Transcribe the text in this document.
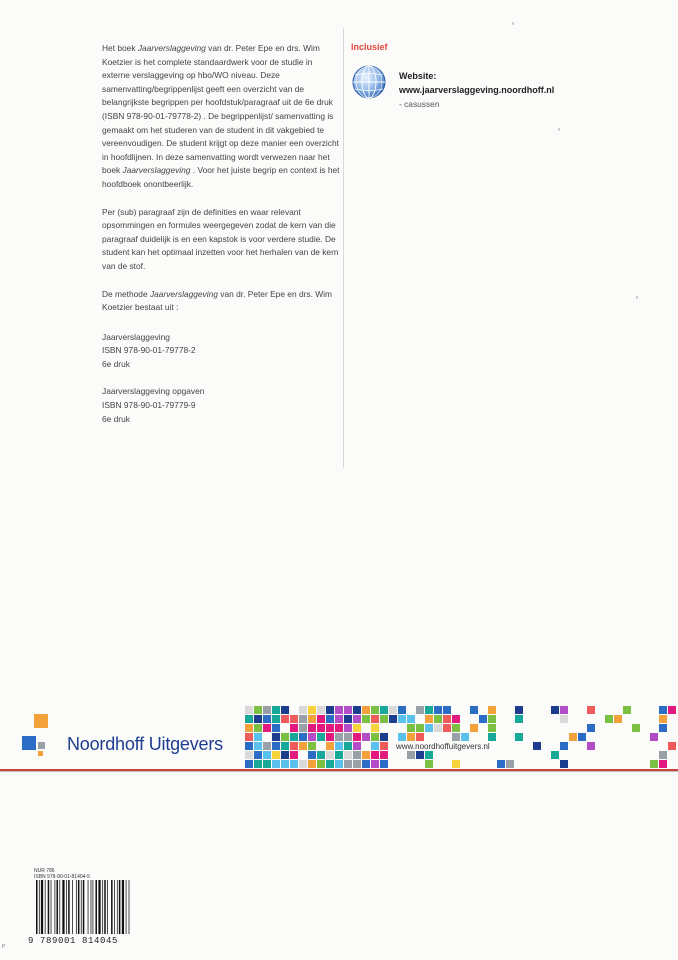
Het boek Jaarverslaggeving van dr. Peter Epe en drs. Wim Koetzier is het complete standaardwerk voor de studie in externe verslaggeving op hbo/WO niveau. Deze samenvatting/begrippenlijst geeft een overzicht van de belangrijkste begrippen per hoofdstuk/paragraaf uit de 6e druk (ISBN 978-90-01-79778-2) . De begrippenlijst/ samenvatting is gemaakt om het studeren van de student in dit vakgebied te vereenvoudigen. De student krijgt op deze manier een overzicht in hoofdlijnen. In deze samenvatting wordt verwezen naar het boek Jaarverslaggeving . Voor het juiste begrip en context is het hoofdboek onontbeerlijk.

Per (sub) paragraaf zijn de definities en waar relevant opsommingen en formules weergegeven zodat de kern van die paragraaf duidelijk is en een kapstok is voor verdere studie. De student kan het optimaal inzetten voor het herhalen van de kern van de stof.

De methode Jaarverslaggeving van dr. Peter Epe en drs. Wim Koetzier bestaat uit :

Jaarverslaggeving
ISBN 978-90-01-79778-2
6e druk
Jaarverslaggeving opgaven
ISBN 978-90-01-79779-9
6e druk
Inclusief
Website:
www.jaarverslaggeving.noordhoff.nl
- casussen
Noordhoff Uitgevers	www.noordhoffuitgevers.nl
NUR 786
ISBN 978-90-01-81404-5
9 789001 814045
P
